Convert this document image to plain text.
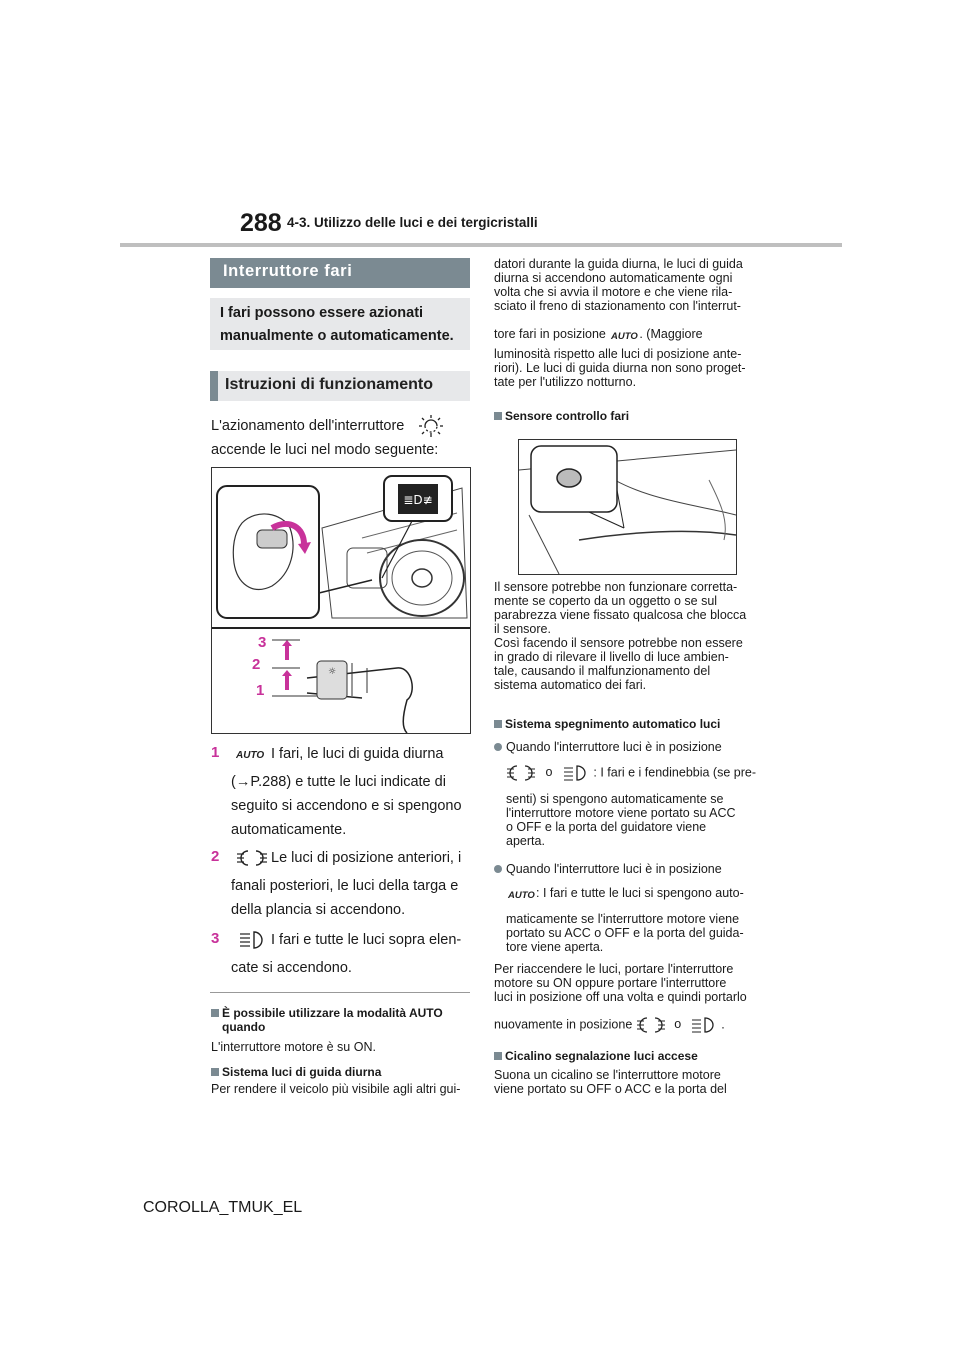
288 4-3. Utilizzo delle luci e dei tergicristalli
Interruttore fari
I fari possono essere azionati
manualmente o automaticamente.
Istruzioni di funzionamento
L'azionamento dell'interruttore
accende le luci nel modo seguente:
≣D≢
☼
3
2
1
1 AUTO I fari, le luci di guida diurna
(→P.288) e tutte le luci indicate di
seguito si accendono e si spengono
automaticamente.
2	Le luci di posizione anteriori, i
fanali posteriori, le luci della targa e
della plancia si accendono.
3	I fari e tutte le luci sopra elen-
cate si accendono.
È possibile utilizzare la modalità AUTO
quando
L'interruttore motore è su ON.
Sistema luci di guida diurna
Per rendere il veicolo più visibile agli altri gui-
datori durante la guida diurna, le luci di guida
diurna si accendono automaticamente ogni
volta che si avvia il motore e che viene rila-
sciato il freno di stazionamento con l'interrut-
tore fari in posizione AUTO . (Maggiore
luminosità rispetto alle luci di posizione ante-
riori). Le luci di guida diurna non sono proget-
tate per l'utilizzo notturno.
Sensore controllo fari
Il sensore potrebbe non funzionare corretta-
mente se coperto da un oggetto o se sul
parabrezza viene fissato qualcosa che blocca
il sensore.
Così facendo il sensore potrebbe non essere
in grado di rilevare il livello di luce ambien-
tale, causando il malfunzionamento del
sistema automatico dei fari.
Sistema spegnimento automatico luci
Quando l'interruttore luci è in posizione
o	: I fari e i fendinebbia (se pre-
senti) si spengono automaticamente se
l'interruttore motore viene portato su ACC
o OFF e la porta del guidatore viene
aperta.
Quando l'interruttore luci è in posizione
AUTO : I fari e tutte le luci si spengono auto-
maticamente se l'interruttore motore viene
portato su ACC o OFF e la porta del guida-
tore viene aperta.
Per riaccendere le luci, portare l'interruttore
motore su ON oppure portare l'interruttore
luci in posizione off una volta e quindi portarlo
nuovamente in posizione	o	.
Cicalino segnalazione luci accese
Suona un cicalino se l'interruttore motore
viene portato su OFF o ACC e la porta del
COROLLA_TMUK_EL
